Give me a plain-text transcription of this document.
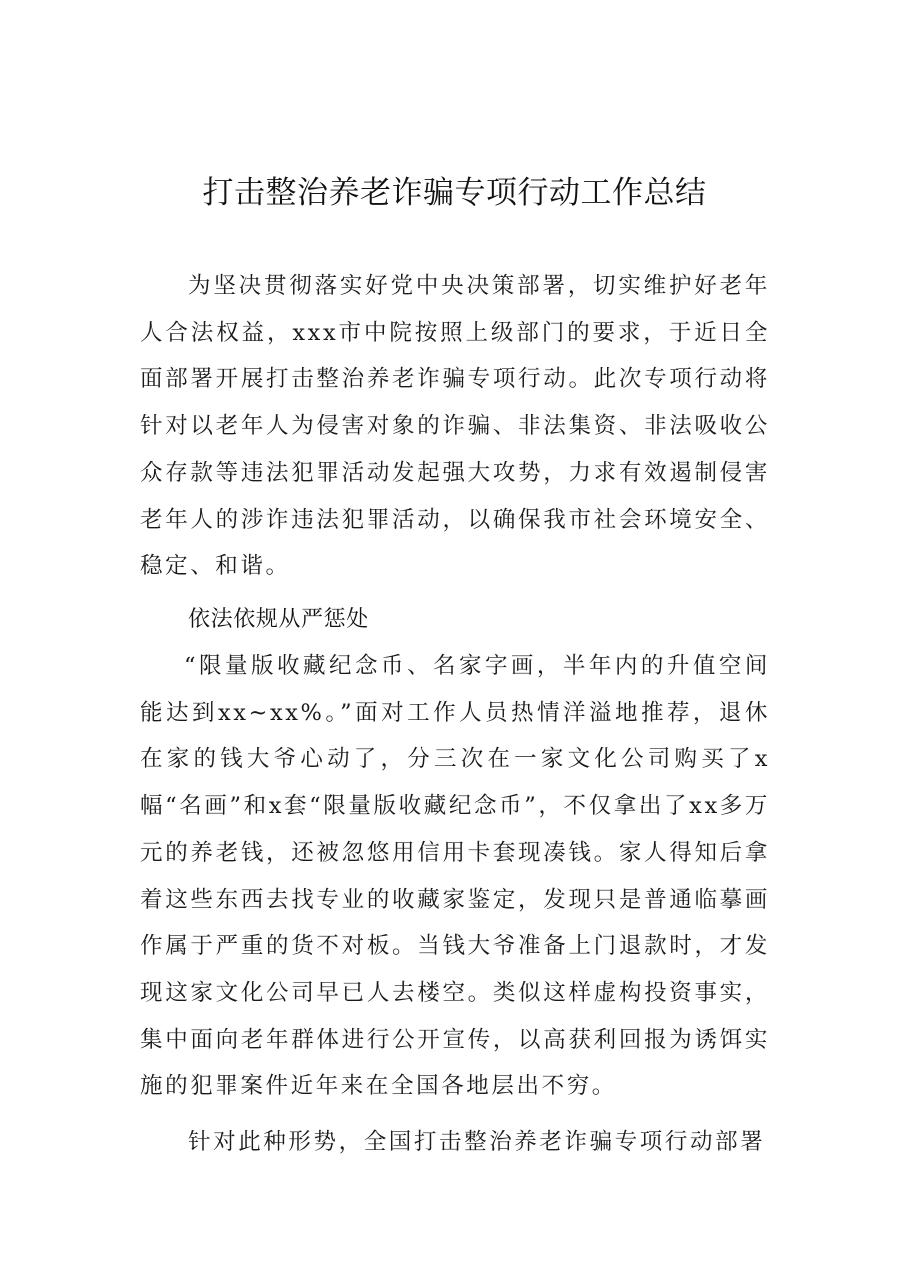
打击整治养老诈骗专项行动工作总结
为坚决贯彻落实好党中央决策部署，切实维护好老年人合法权益，xxx市中院按照上级部门的要求，于近日全面部署开展打击整治养老诈骗专项行动。此次专项行动将针对以老年人为侵害对象的诈骗、非法集资、非法吸收公众存款等违法犯罪活动发起强大攻势，力求有效遏制侵害老年人的涉诈违法犯罪活动，以确保我市社会环境安全、稳定、和谐。
依法依规从严惩处
“限量版收藏纪念币、名家字画，半年内的升值空间能达到xx~xx%。”面对工作人员热情洋溢地推荐，退休在家的钱大爷心动了，分三次在一家文化公司购买了x幅“名画”和x套“限量版收藏纪念币”，不仅拿出了xx多万元的养老钱，还被忽悠用信用卡套现凑钱。家人得知后拿着这些东西去找专业的收藏家鉴定，发现只是普通临摹画作属于严重的货不对板。当钱大爷准备上门退款时，才发现这家文化公司早已人去楼空。类似这样虚构投资事实，集中面向老年群体进行公开宣传，以高获利回报为诱饵实施的犯罪案件近年来在全国各地层出不穷。
针对此种形势，全国打击整治养老诈骗专项行动部署
